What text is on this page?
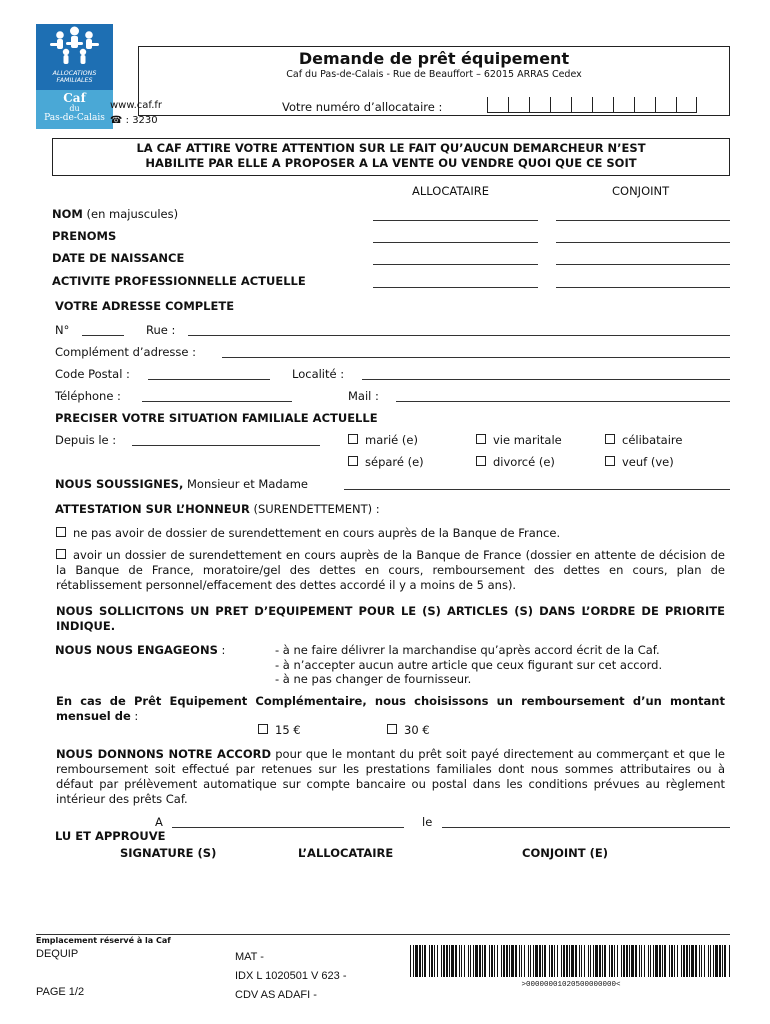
ALLOCATIONS
FAMILIALES
Caf
du
Pas-de-Calais
Demande de prêt équipement
Caf du Pas-de-Calais - Rue de Beauffort – 62015 ARRAS Cedex
www.caf.fr
☎ : 3230
Votre numéro d’allocataire :
LA CAF ATTIRE VOTRE ATTENTION SUR LE FAIT QU’AUCUN DEMARCHEUR N’EST
HABILITE PAR ELLE A PROPOSER A LA VENTE OU VENDRE QUOI QUE CE SOIT
ALLOCATAIRE	CONJOINT
NOM (en majuscules)
PRENOMS
DATE DE NAISSANCE
ACTIVITE PROFESSIONNELLE ACTUELLE
VOTRE ADRESSE COMPLETE
N°	Rue :
Complément d’adresse :
Code Postal :	Localité :
Téléphone :	Mail :
PRECISER VOTRE SITUATION FAMILIALE ACTUELLE
Depuis le :	marié (e)	vie maritale	célibataire
séparé (e)	divorcé (e)	veuf (ve)
NOUS SOUSSIGNES, Monsieur et Madame
ATTESTATION SUR L’HONNEUR (SURENDETTEMENT) :
ne pas avoir de dossier de surendettement en cours auprès de la Banque de France.
avoir un dossier de surendettement en cours auprès de la Banque de France (dossier en attente de décision de la Banque de France, moratoire/gel des dettes en cours, remboursement des dettes en cours, plan de rétablissement personnel/effacement des dettes accordé il y a moins de 5 ans).
NOUS SOLLICITONS UN PRET D’EQUIPEMENT POUR LE (S) ARTICLES (S) DANS L’ORDRE DE PRIORITE INDIQUE.
NOUS NOUS ENGAGEONS :	- à ne faire délivrer la marchandise qu’après accord écrit de la Caf.
- à n’accepter aucun autre article que ceux figurant sur cet accord.
- à ne pas changer de fournisseur.
En cas de Prêt Equipement Complémentaire, nous choisissons un remboursement d’un montant mensuel de :
15 €	30 €
NOUS DONNONS NOTRE ACCORD pour que le montant du prêt soit payé directement au commerçant et que le remboursement soit effectué par retenues sur les prestations familiales dont nous sommes attributaires ou à défaut par prélèvement automatique sur compte bancaire ou postal dans les conditions prévues au règlement intérieur des prêts Caf.
A	le
LU ET APPROUVE
SIGNATURE (S)	L’ALLOCATAIRE	CONJOINT (E)
Emplacement réservé à la Caf
DEQUIP
PAGE 1/2
MAT -
IDX L 1020501 V 623 -
CDV AS ADAFI -
>00000001020500000000<
